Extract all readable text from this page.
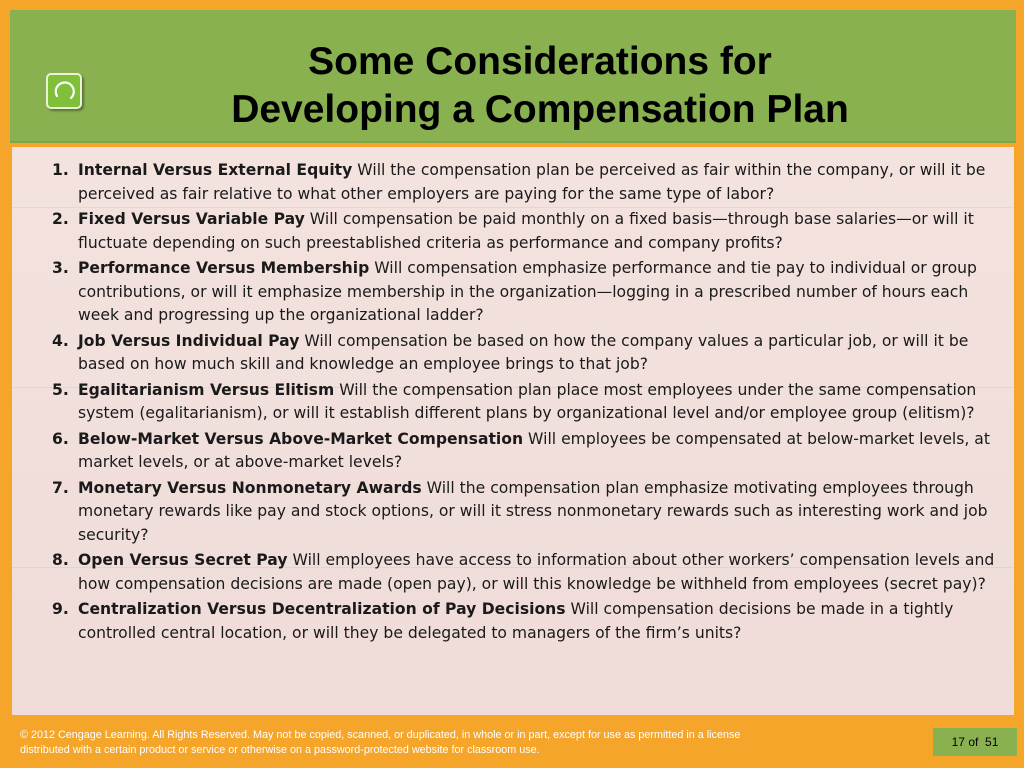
Some Considerations for
Developing a Compensation Plan
1. Internal Versus External Equity Will the compensation plan be perceived as fair within the company, or will it be perceived as fair relative to what other employers are paying for the same type of labor?
2. Fixed Versus Variable Pay Will compensation be paid monthly on a fixed basis—through base salaries—or will it fluctuate depending on such preestablished criteria as performance and company profits?
3. Performance Versus Membership Will compensation emphasize performance and tie pay to individual or group contributions, or will it emphasize membership in the organization—logging in a prescribed number of hours each week and progressing up the organizational ladder?
4. Job Versus Individual Pay Will compensation be based on how the company values a particular job, or will it be based on how much skill and knowledge an employee brings to that job?
5. Egalitarianism Versus Elitism Will the compensation plan place most employees under the same compensation system (egalitarianism), or will it establish different plans by organizational level and/or employee group (elitism)?
6. Below-Market Versus Above-Market Compensation Will employees be compensated at below-market levels, at market levels, or at above-market levels?
7. Monetary Versus Nonmonetary Awards Will the compensation plan emphasize motivating employees through monetary rewards like pay and stock options, or will it stress nonmonetary rewards such as interesting work and job security?
8. Open Versus Secret Pay Will employees have access to information about other workers’ compensation levels and how compensation decisions are made (open pay), or will this knowledge be withheld from employees (secret pay)?
9. Centralization Versus Decentralization of Pay Decisions Will compensation decisions be made in a tightly controlled central location, or will they be delegated to managers of the firm’s units?
© 2012 Cengage Learning. All Rights Reserved. May not be copied, scanned, or duplicated, in whole or in part, except for use as permitted in a license distributed with a certain product or service or otherwise on a password-protected website for classroom use.
17 of 51
